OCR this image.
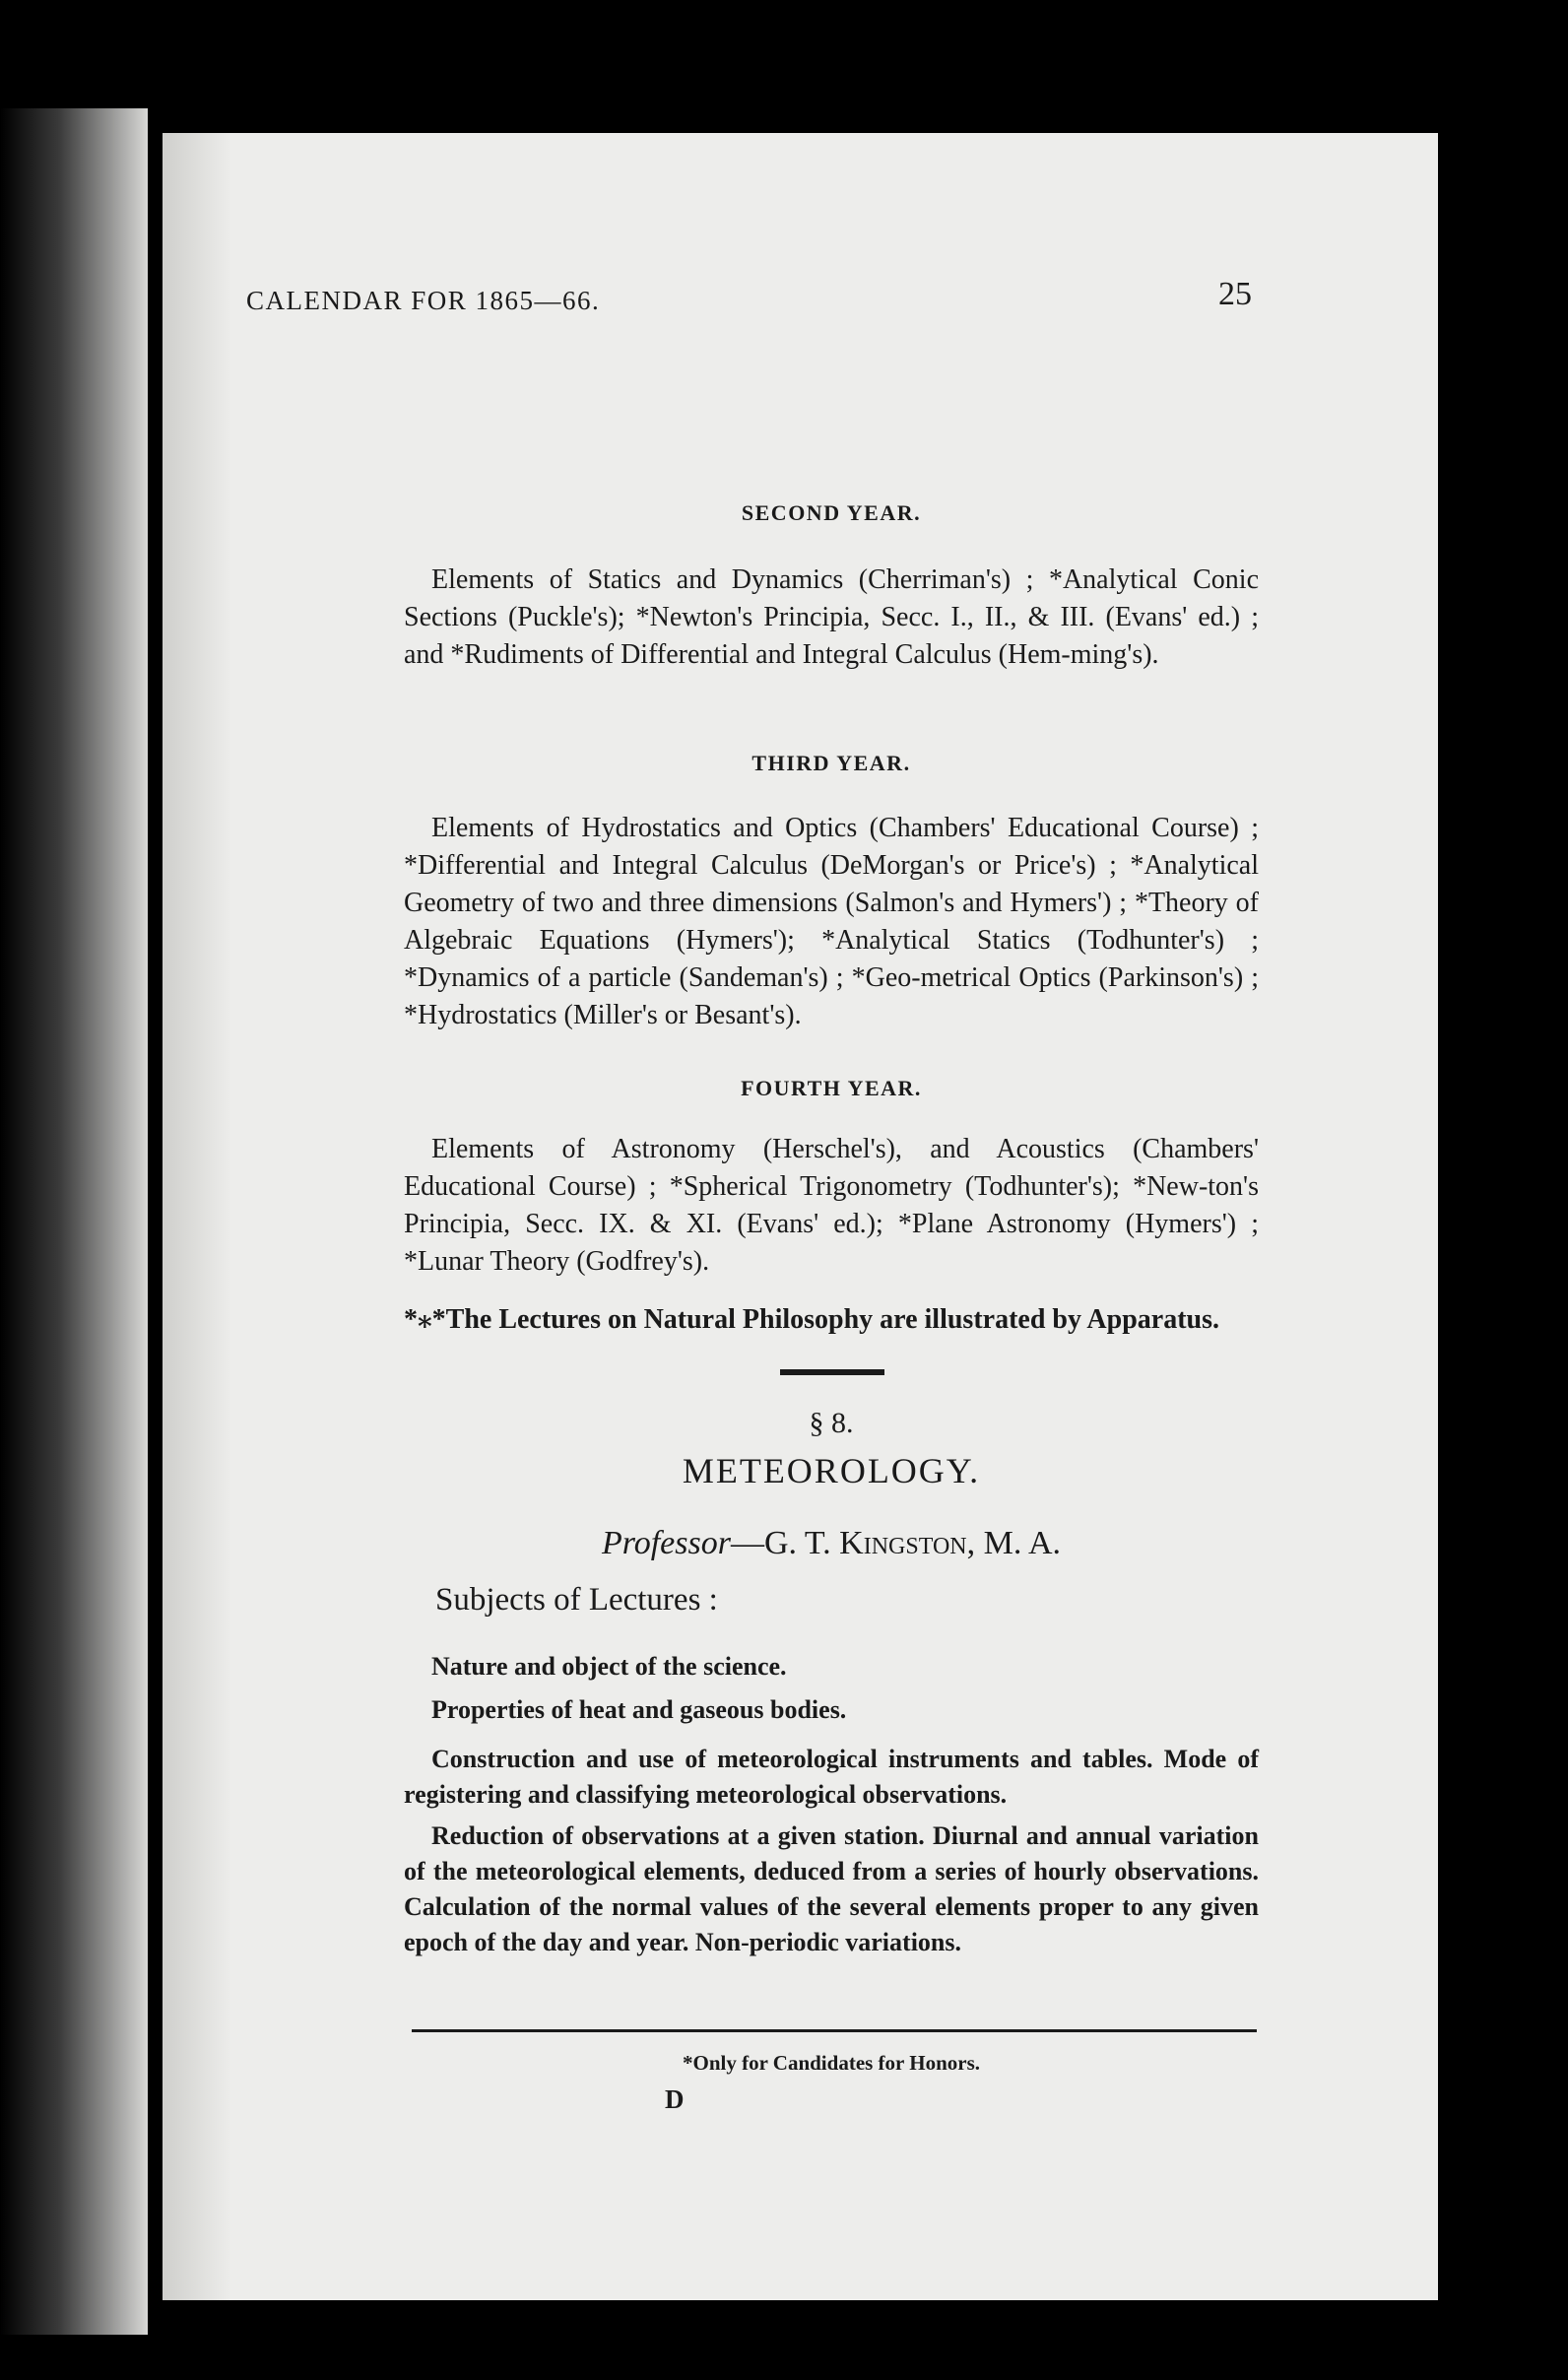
CALENDAR FOR 1865—66.	25
SECOND YEAR.
Elements of Statics and Dynamics (Cherriman's) ; *Analytical Conic Sections (Puckle's); *Newton's Principia, Secc. I., II., & III. (Evans' ed.) ; and *Rudiments of Differential and Integral Calculus (Hem-ming's).
THIRD YEAR.
Elements of Hydrostatics and Optics (Chambers' Educational Course) ; *Differential and Integral Calculus (DeMorgan's or Price's) ; *Analytical Geometry of two and three dimensions (Salmon's and Hymers') ; *Theory of Algebraic Equations (Hymers'); *Analytical Statics (Todhunter's) ; *Dynamics of a particle (Sandeman's) ; *Geo-metrical Optics (Parkinson's) ; *Hydrostatics (Miller's or Besant's).
FOURTH YEAR.
Elements of Astronomy (Herschel's), and Acoustics (Chambers' Educational Course) ; *Spherical Trigonometry (Todhunter's); *New-ton's Principia, Secc. IX. & XI. (Evans' ed.); *Plane Astronomy (Hymers') ; *Lunar Theory (Godfrey's).
*⁎*The Lectures on Natural Philosophy are illustrated by Apparatus.
§ 8.
METEOROLOGY.
Professor—G. T. Kingston, M. A.
Subjects of Lectures :
Nature and object of the science.
Properties of heat and gaseous bodies.
Construction and use of meteorological instruments and tables. Mode of registering and classifying meteorological observations.
Reduction of observations at a given station. Diurnal and annual variation of the meteorological elements, deduced from a series of hourly observations. Calculation of the normal values of the several elements proper to any given epoch of the day and year. Non-periodic variations.
*Only for Candidates for Honors.
D
